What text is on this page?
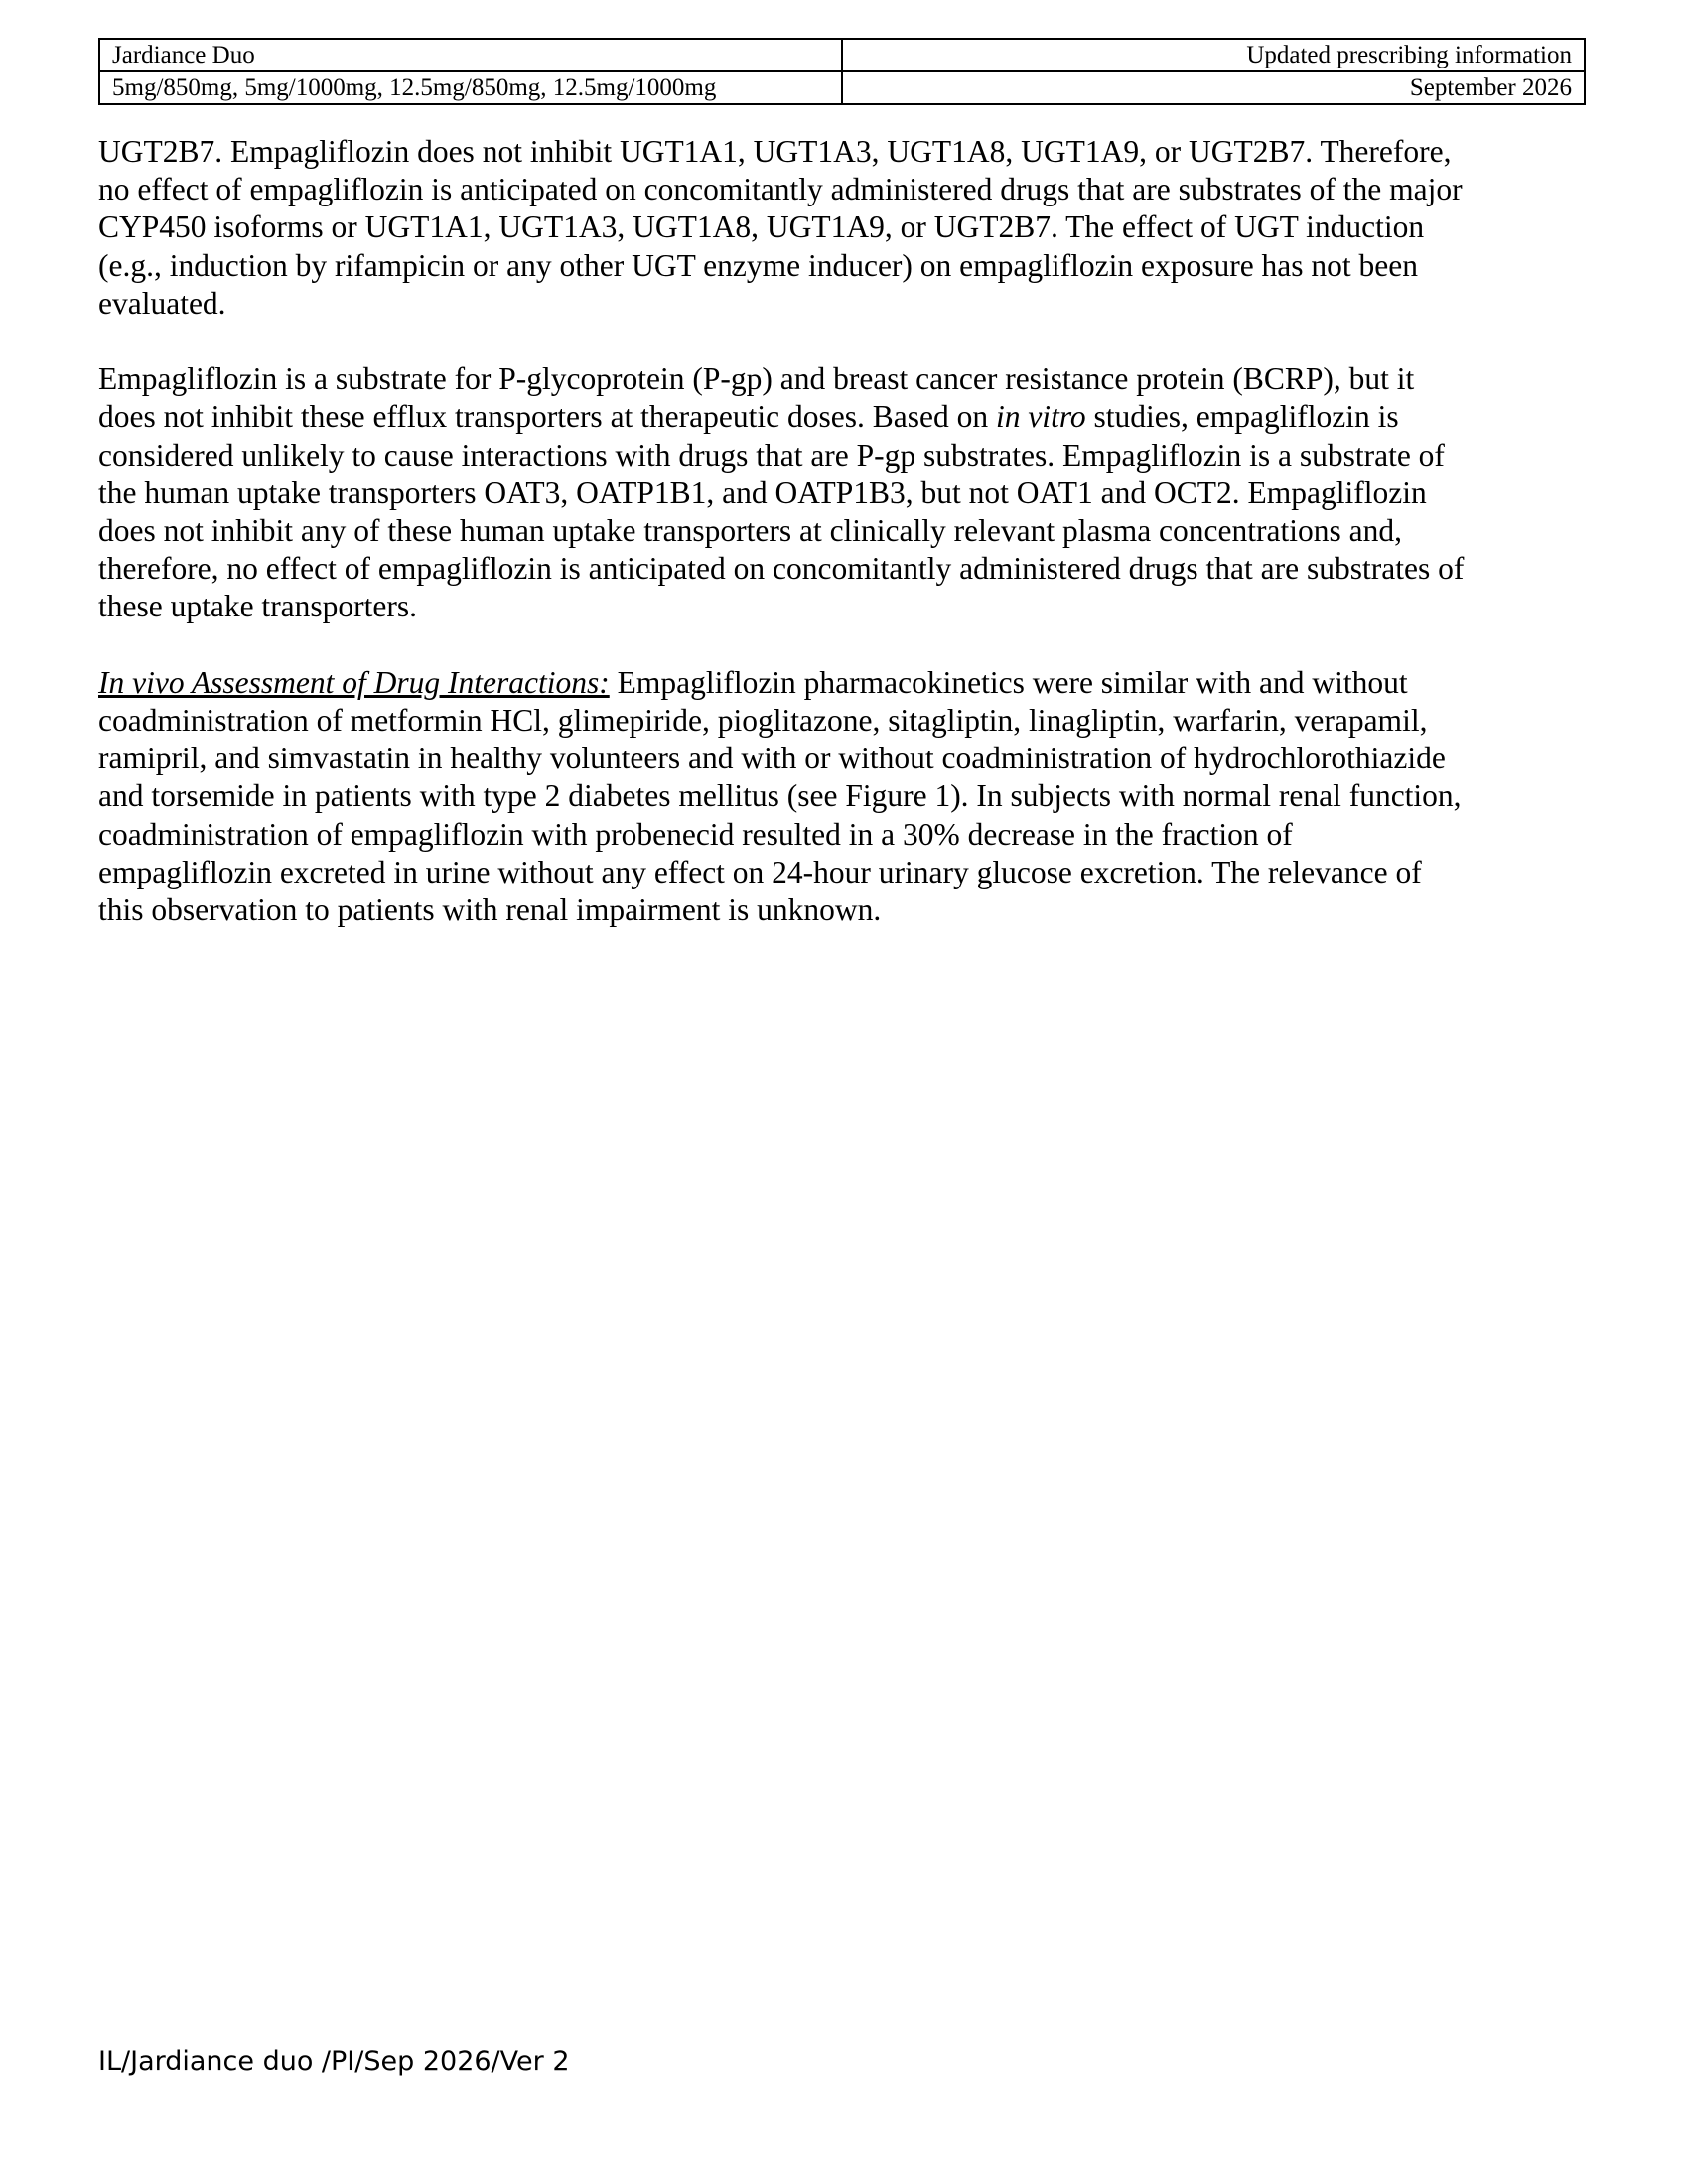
Jardiance Duo	Updated prescribing information
5mg/850mg, 5mg/1000mg, 12.5mg/850mg, 12.5mg/1000mg	September 2026

UGT2B7. Empagliflozin does not inhibit UGT1A1, UGT1A3, UGT1A8, UGT1A9, or UGT2B7. Therefore,
no effect of empagliflozin is anticipated on concomitantly administered drugs that are substrates of the major
CYP450 isoforms or UGT1A1, UGT1A3, UGT1A8, UGT1A9, or UGT2B7. The effect of UGT induction
(e.g., induction by rifampicin or any other UGT enzyme inducer) on empagliflozin exposure has not been
evaluated.

Empagliflozin is a substrate for P-glycoprotein (P-gp) and breast cancer resistance protein (BCRP), but it
does not inhibit these efflux transporters at therapeutic doses. Based on in vitro studies, empagliflozin is
considered unlikely to cause interactions with drugs that are P-gp substrates. Empagliflozin is a substrate of
the human uptake transporters OAT3, OATP1B1, and OATP1B3, but not OAT1 and OCT2. Empagliflozin
does not inhibit any of these human uptake transporters at clinically relevant plasma concentrations and,
therefore, no effect of empagliflozin is anticipated on concomitantly administered drugs that are substrates of
these uptake transporters.

In vivo Assessment of Drug Interactions: Empagliflozin pharmacokinetics were similar with and without
coadministration of metformin HCl, glimepiride, pioglitazone, sitagliptin, linagliptin, warfarin, verapamil,
ramipril, and simvastatin in healthy volunteers and with or without coadministration of hydrochlorothiazide
and torsemide in patients with type 2 diabetes mellitus (see Figure 1). In subjects with normal renal function,
coadministration of empagliflozin with probenecid resulted in a 30% decrease in the fraction of
empagliflozin excreted in urine without any effect on 24-hour urinary glucose excretion. The relevance of
this observation to patients with renal impairment is unknown.

IL/Jardiance duo /PI/Sep 2026/Ver 2
